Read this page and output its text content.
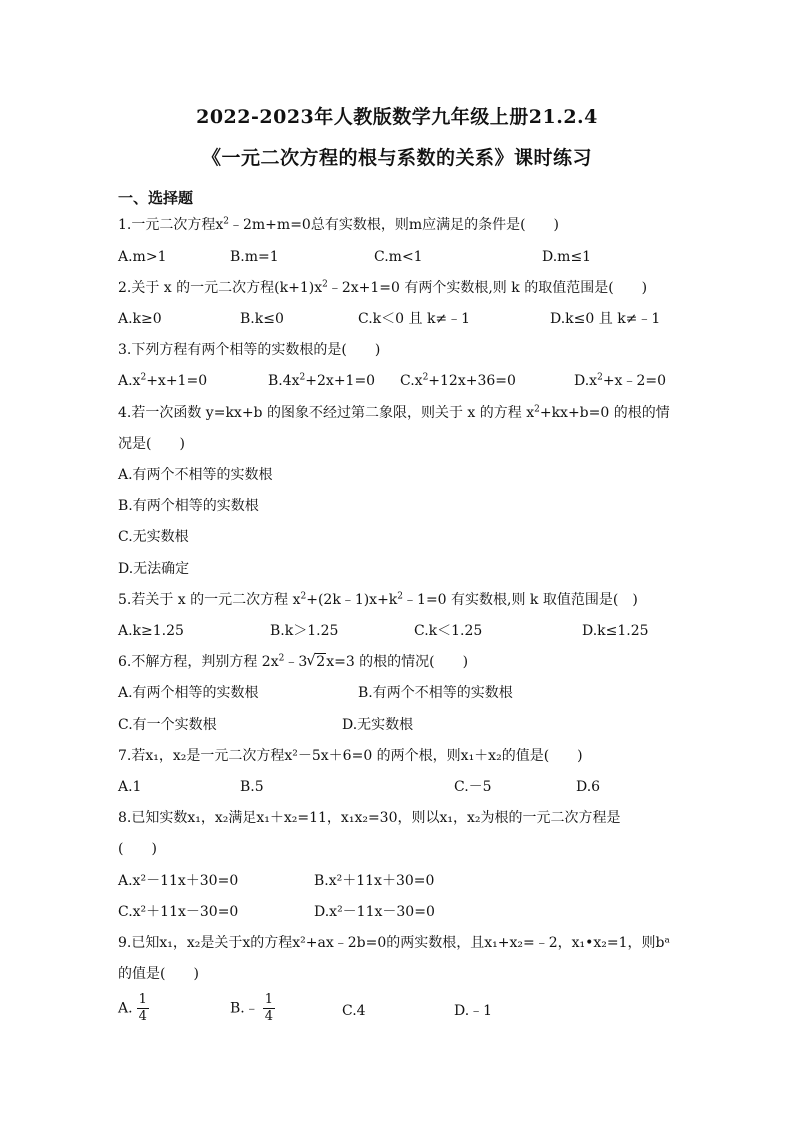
2022-2023年人教版数学九年级上册21.2.4
《一元二次方程的根与系数的关系》课时练习
一、选择题
1.一元二次方程$x^2﹣2m+m=0$总有实数根，则m应满足的条件是(　　)
A.m>1	B.m=1	C.m<1	D.m≤1
2.关于 x 的一元二次方程$(k+1)x^2﹣2x+1=0$ 有两个实数根,则 k 的取值范围是(　　)
A.k≥0	B.k≤0	C.k＜0 且 k≠﹣1	D.k≤0 且 k≠﹣1
3.下列方程有两个相等的实数根的是(　　)
$A.x^2+x+1=0$	$B.4x^2+2x+1=0$ $C.x^2+12x+36=0$	$D.x^2+x﹣2=0$
4.若一次函数 y=kx+b 的图象不经过第二象限，则关于 x 的方程 $x^2+kx+b=0$ 的根的情
况是(　　)
A.有两个不相等的实数根
B.有两个相等的实数根
C.无实数根
D.无法确定
5.若关于 x 的一元二次方程 $x^2+(2k﹣1)x+k^2﹣1=0$ 有实数根,则 k 取值范围是(　)
A.k≥1.25	B.k＞1.25	C.k＜1.25	D.k≤1.25
6.不解方程，判别方程 $2x^2﹣3√$ 2x=3 的根的情况(　　)
A.有两个相等的实数根	B.有两个不相等的实数根
C.有一个实数根	D.无实数根
7.若x₁，x₂是一元二次方程x²－5x＋6=0 的两个根，则x₁＋x₂的值是(　　)
A.1	B.5	C.－5	D.6
8.已知实数x₁，x₂满足x₁＋x₂=11，x₁x₂=30，则以x₁，x₂为根的一元二次方程是
(　　)
A.x²－11x＋30=0	B.x²＋11x＋30=0
C.x²＋11x－30=0	D.x²－11x－30=0
9.已知x₁，x₂是关于x的方程x²+ax﹣2b=0的两实数根，且x₁+x₂=﹣2，x₁•x₂=1，则bᵃ
的值是(　　)
A. $\frac{1}{4}$	B.﹣ $\frac{1}{4}$	C.4	D.﹣1
